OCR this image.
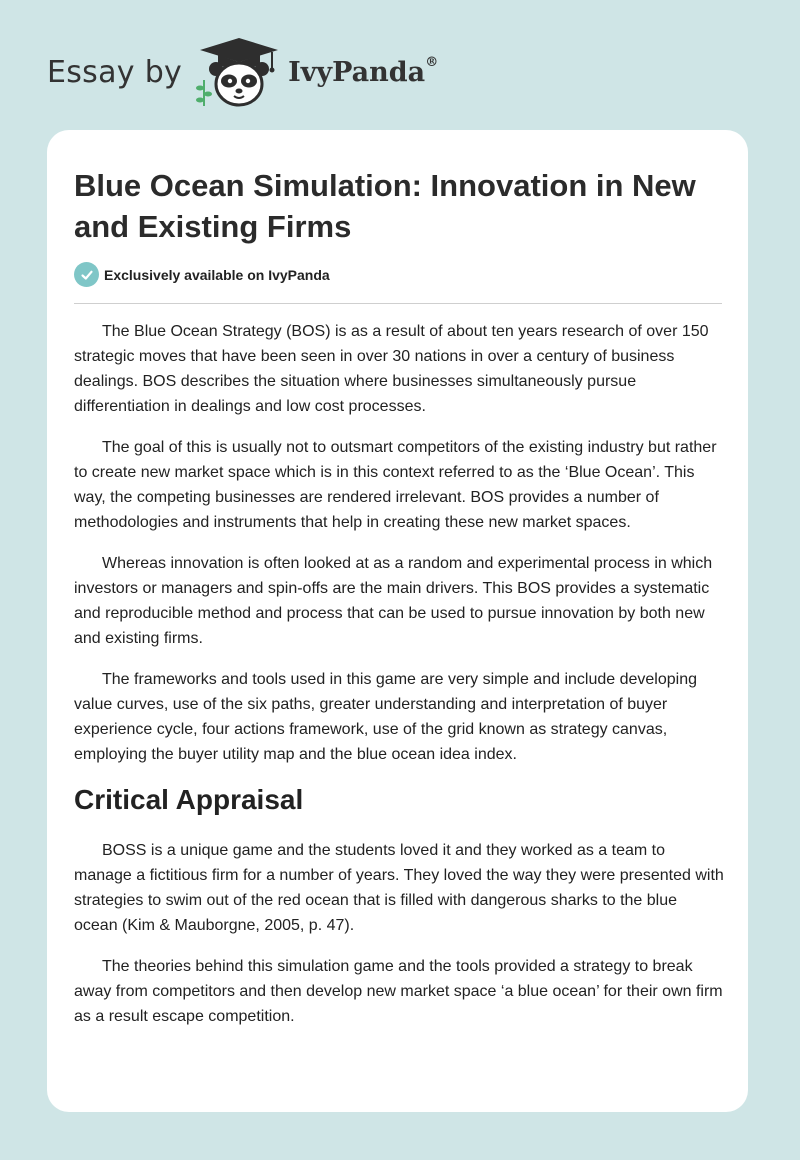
Essay by	IvyPanda®
Blue Ocean Simulation: Innovation in New and Existing Firms
Exclusively available on IvyPanda

The Blue Ocean Strategy (BOS) is as a result of about ten years research of over 150 strategic moves that have been seen in over 30 nations in over a century of business dealings. BOS describes the situation where businesses simultaneously pursue differentiation in dealings and low cost processes.

The goal of this is usually not to outsmart competitors of the existing industry but rather to create new market space which is in this context referred to as the ‘Blue Ocean’. This way, the competing businesses are rendered irrelevant. BOS provides a number of methodologies and instruments that help in creating these new market spaces.

Whereas innovation is often looked at as a random and experimental process in which investors or managers and spin-offs are the main drivers. This BOS provides a systematic and reproducible method and process that can be used to pursue innovation by both new and existing firms.

The frameworks and tools used in this game are very simple and include developing value curves, use of the six paths, greater understanding and interpretation of buyer experience cycle, four actions framework, use of the grid known as strategy canvas, employing the buyer utility map and the blue ocean idea index.

Critical Appraisal

BOSS is a unique game and the students loved it and they worked as a team to manage a fictitious firm for a number of years. They loved the way they were presented with strategies to swim out of the red ocean that is filled with dangerous sharks to the blue ocean (Kim & Mauborgne, 2005, p. 47).

The theories behind this simulation game and the tools provided a strategy to break away from competitors and then develop new market space ‘a blue ocean’ for their own firm as a result escape competition.
